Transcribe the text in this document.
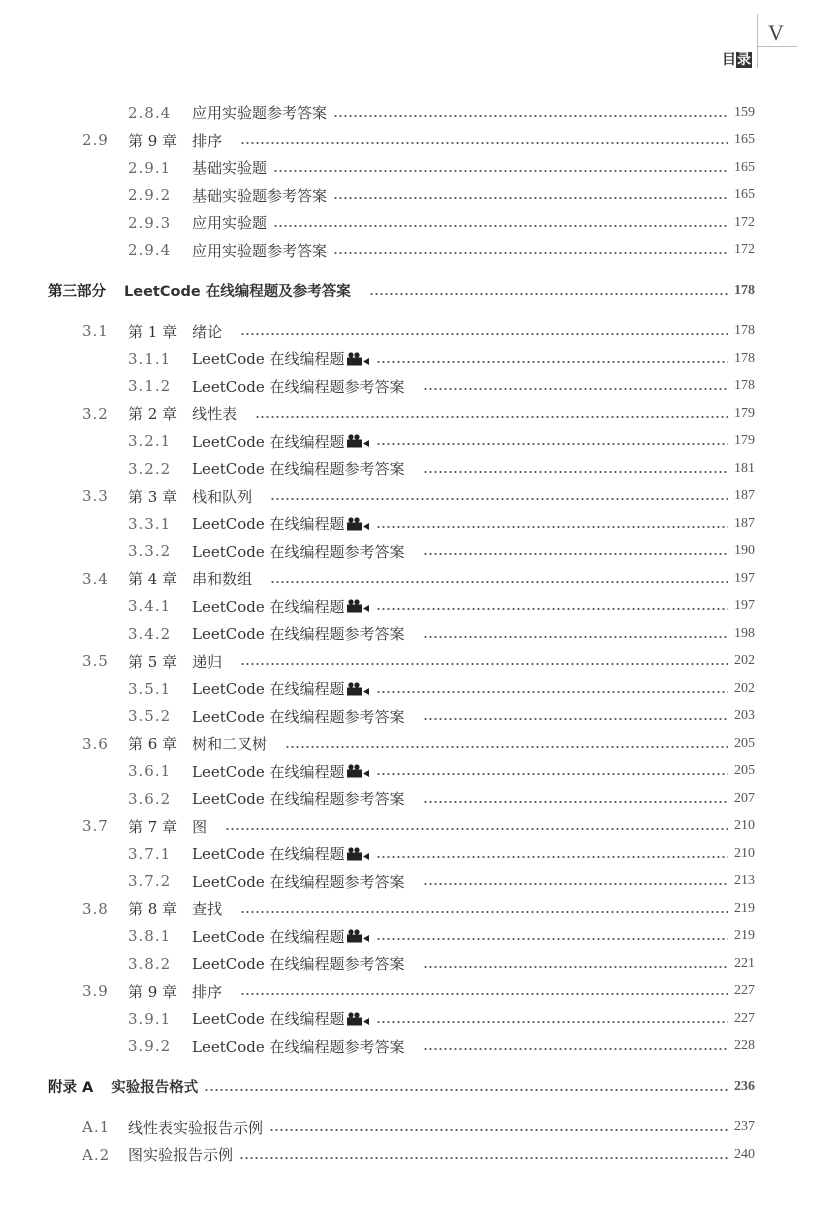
V
目录
2.8.4	应用实验题参考答案	159
2.9	第 9 章　排序	165
2.9.1	基础实验题	165
2.9.2	基础实验题参考答案	165
2.9.3	应用实验题	172
2.9.4	应用实验题参考答案	172
第三部分 LeetCode 在线编程题及参考答案	178
3.1	第 1 章　绪论	178
3.1.1	LeetCode 在线编程题	178
3.1.2	LeetCode 在线编程题参考答案	178
3.2	第 2 章　线性表	179
3.2.1	LeetCode 在线编程题	179
3.2.2	LeetCode 在线编程题参考答案	181
3.3	第 3 章　栈和队列	187
3.3.1	LeetCode 在线编程题	187
3.3.2	LeetCode 在线编程题参考答案	190
3.4	第 4 章　串和数组	197
3.4.1	LeetCode 在线编程题	197
3.4.2	LeetCode 在线编程题参考答案	198
3.5	第 5 章　递归	202
3.5.1	LeetCode 在线编程题	202
3.5.2	LeetCode 在线编程题参考答案	203
3.6	第 6 章　树和二叉树	205
3.6.1	LeetCode 在线编程题	205
3.6.2	LeetCode 在线编程题参考答案	207
3.7	第 7 章　图	210
3.7.1	LeetCode 在线编程题	210
3.7.2	LeetCode 在线编程题参考答案	213
3.8	第 8 章　查找	219
3.8.1	LeetCode 在线编程题	219
3.8.2	LeetCode 在线编程题参考答案	221
3.9	第 9 章　排序	227
3.9.1	LeetCode 在线编程题	227
3.9.2	LeetCode 在线编程题参考答案	228
附录 A 实验报告格式	236
A.1	线性表实验报告示例	237
A.2	图实验报告示例	240
